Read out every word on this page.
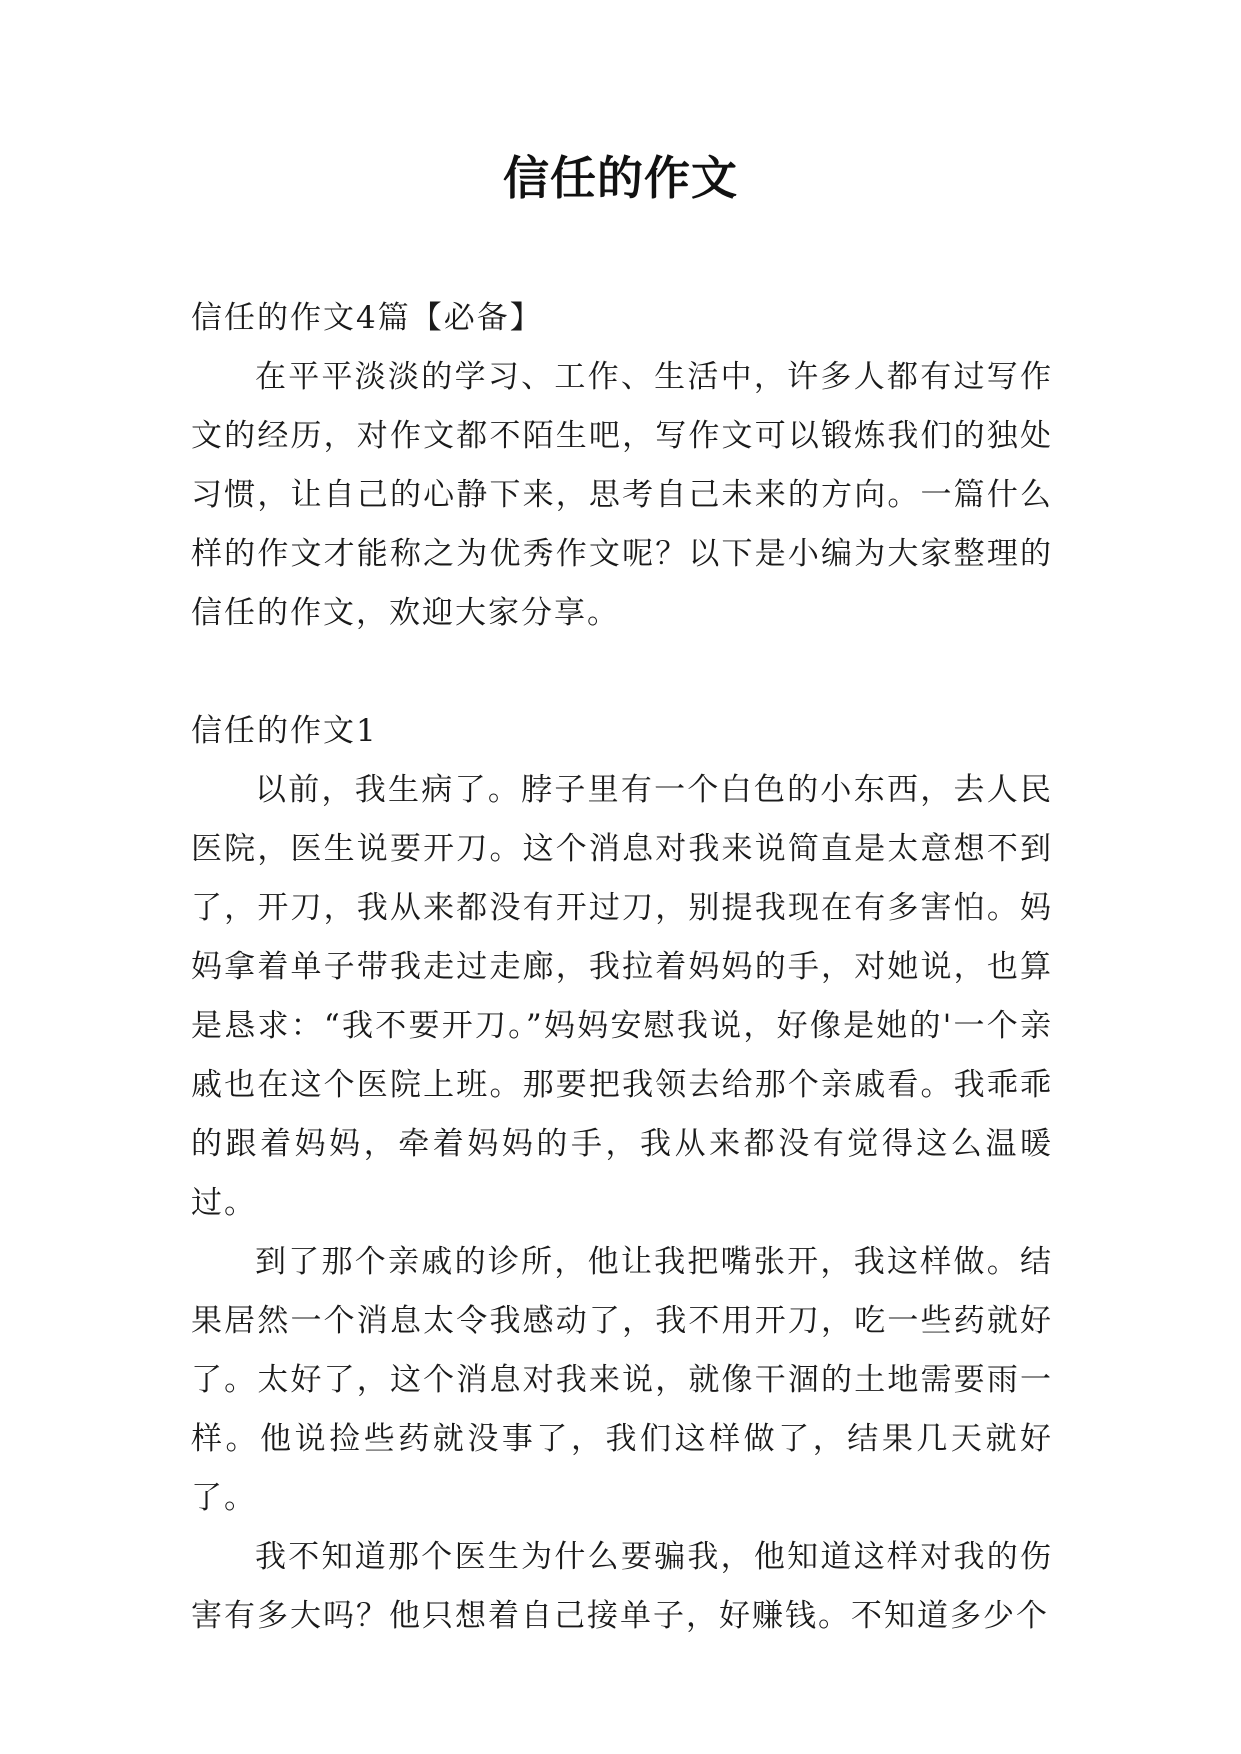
信任的作文

信任的作文4篇【必备】

在平平淡淡的学习、工作、生活中，许多人都有过写作文的经历，对作文都不陌生吧，写作文可以锻炼我们的独处习惯，让自己的心静下来，思考自己未来的方向。一篇什么样的作文才能称之为优秀作文呢？以下是小编为大家整理的信任的作文，欢迎大家分享。

信任的作文1

以前，我生病了。脖子里有一个白色的小东西，去人民医院，医生说要开刀。这个消息对我来说简直是太意想不到了，开刀，我从来都没有开过刀，别提我现在有多害怕。妈妈拿着单子带我走过走廊，我拉着妈妈的手，对她说，也算是恳求：“我不要开刀。”妈妈安慰我说，好像是她的'一个亲戚也在这个医院上班。那要把我领去给那个亲戚看。我乖乖的跟着妈妈，牵着妈妈的手，我从来都没有觉得这么温暖过。

到了那个亲戚的诊所，他让我把嘴张开，我这样做。结果居然一个消息太令我感动了，我不用开刀，吃一些药就好了。太好了，这个消息对我来说，就像干涸的土地需要雨一样。他说捡些药就没事了，我们这样做了，结果几天就好了。

我不知道那个医生为什么要骗我，他知道这样对我的伤害有多大吗？他只想着自己接单子，好赚钱。不知道多少个
